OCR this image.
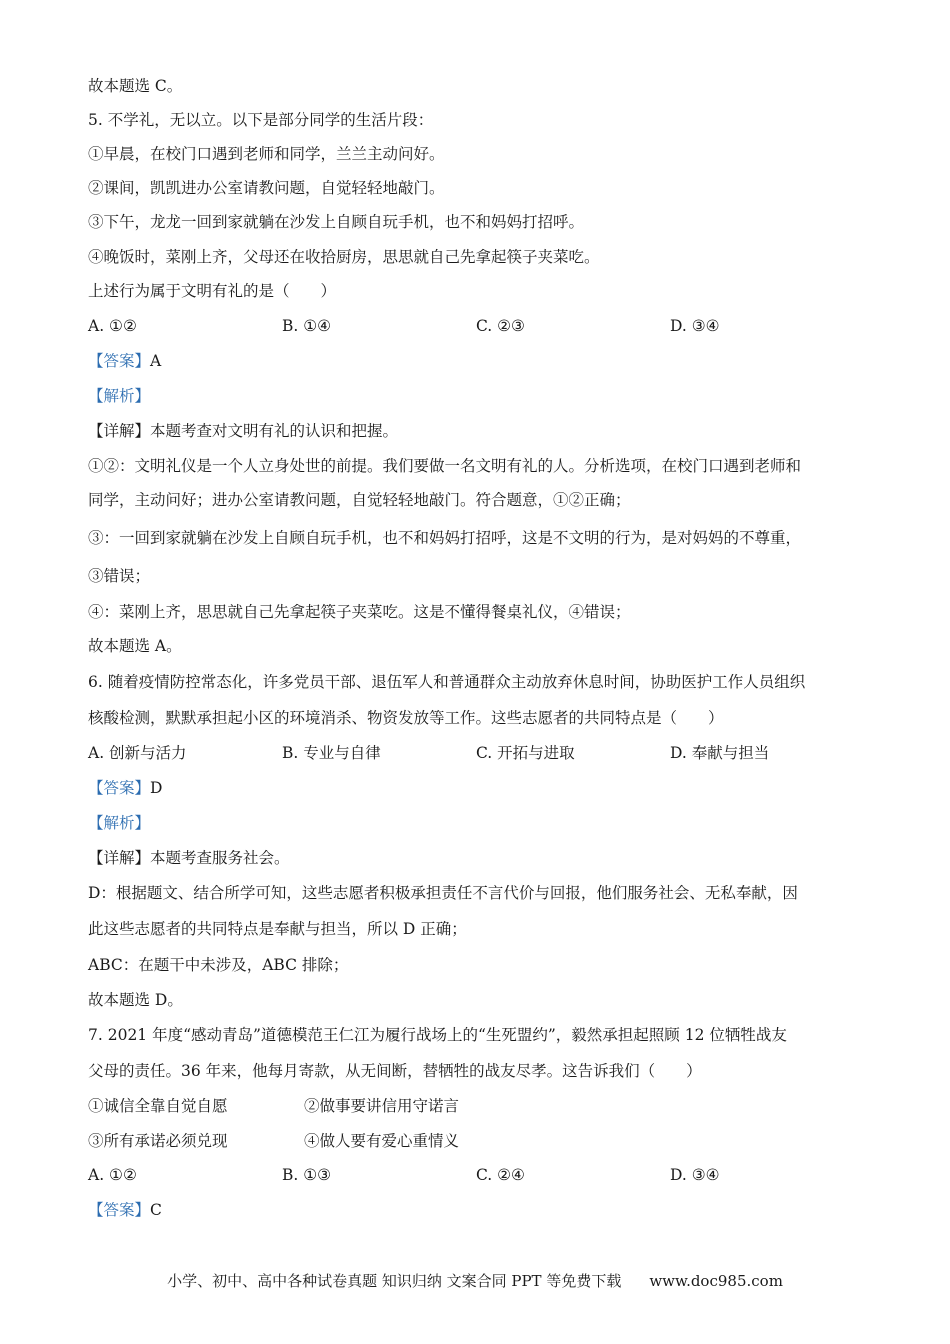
故本题选 C。

5. 不学礼，无以立。以下是部分同学的生活片段：

①早晨，在校门口遇到老师和同学，兰兰主动问好。

②课间，凯凯进办公室请教问题，自觉轻轻地敲门。

③下午，龙龙一回到家就躺在沙发上自顾自玩手机，也不和妈妈打招呼。

④晚饭时，菜刚上齐，父母还在收拾厨房，思思就自己先拿起筷子夹菜吃。

上述行为属于文明有礼的是（　　）

A. ①②	B. ①④	C. ②③	D. ③④

【答案】A

【解析】

【详解】本题考查对文明有礼的认识和把握。

①②：文明礼仪是一个人立身处世的前提。我们要做一名文明有礼的人。分析选项，在校门口遇到老师和

同学，主动问好；进办公室请教问题，自觉轻轻地敲门。符合题意，①②正确；

③：一回到家就躺在沙发上自顾自玩手机，也不和妈妈打招呼，这是不文明的行为，是对妈妈的不尊重，

③错误；

④：菜刚上齐，思思就自己先拿起筷子夹菜吃。这是不懂得餐桌礼仪，④错误；

故本题选 A。

6. 随着疫情防控常态化，许多党员干部、退伍军人和普通群众主动放弃休息时间，协助医护工作人员组织

核酸检测，默默承担起小区的环境消杀、物资发放等工作。这些志愿者的共同特点是（　　）

A. 创新与活力	B. 专业与自律	C. 开拓与进取	D. 奉献与担当

【答案】D

【解析】

【详解】本题考查服务社会。

D：根据题文、结合所学可知，这些志愿者积极承担责任不言代价与回报，他们服务社会、无私奉献，因

此这些志愿者的共同特点是奉献与担当，所以 D 正确；

ABC：在题干中未涉及，ABC 排除；

故本题选 D。

7. 2021 年度“感动青岛”道德模范王仁江为履行战场上的“生死盟约”，毅然承担起照顾 12 位牺牲战友

父母的责任。36 年来，他每月寄款，从无间断，替牺牲的战友尽孝。这告诉我们（　　）

①诚信全靠自觉自愿	②做事要讲信用守诺言
③所有承诺必须兑现	④做人要有爱心重情义
A. ①②	B. ①③	C. ②④	D. ③④

【答案】C

小学、初中、高中各种试卷真题 知识归纳 文案合同 PPT 等免费下载 www.doc985.com
